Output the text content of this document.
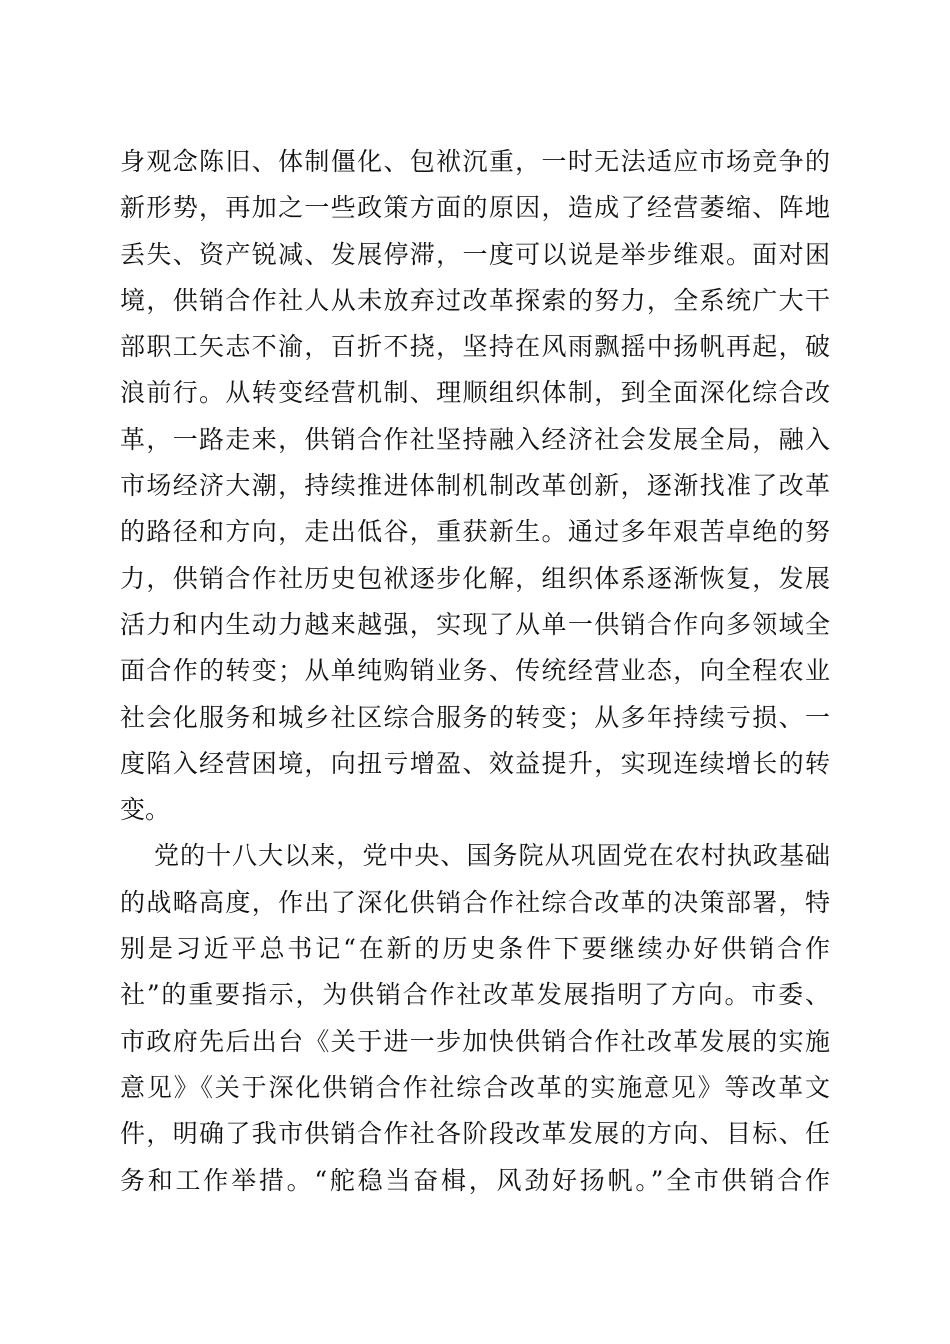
身观念陈旧、体制僵化、包袱沉重，一时无法适应市场竞争的
新形势，再加之一些政策方面的原因，造成了经营萎缩、阵地
丢失、资产锐减、发展停滞，一度可以说是举步维艰。面对困
境，供销合作社人从未放弃过改革探索的努力，全系统广大干
部职工矢志不渝，百折不挠，坚持在风雨飘摇中扬帆再起，破
浪前行。从转变经营机制、理顺组织体制，到全面深化综合改
革，一路走来，供销合作社坚持融入经济社会发展全局，融入
市场经济大潮，持续推进体制机制改革创新，逐渐找准了改革
的路径和方向，走出低谷，重获新生。通过多年艰苦卓绝的努
力，供销合作社历史包袱逐步化解，组织体系逐渐恢复，发展
活力和内生动力越来越强，实现了从单一供销合作向多领域全
面合作的转变；从单纯购销业务、传统经营业态，向全程农业
社会化服务和城乡社区综合服务的转变；从多年持续亏损、一
度陷入经营困境，向扭亏增盈、效益提升，实现连续增长的转
变。
党的十八大以来，党中央、国务院从巩固党在农村执政基础
的战略高度，作出了深化供销合作社综合改革的决策部署，特
别是习近平总书记“在新的历史条件下要继续办好供销合作
社”的重要指示，为供销合作社改革发展指明了方向。市委、
市政府先后出台《关于进一步加快供销合作社改革发展的实施
意见》《关于深化供销合作社综合改革的实施意见》等改革文
件，明确了我市供销合作社各阶段改革发展的方向、目标、任
务和工作举措。“舵稳当奋楫，风劲好扬帆。”全市供销合作
